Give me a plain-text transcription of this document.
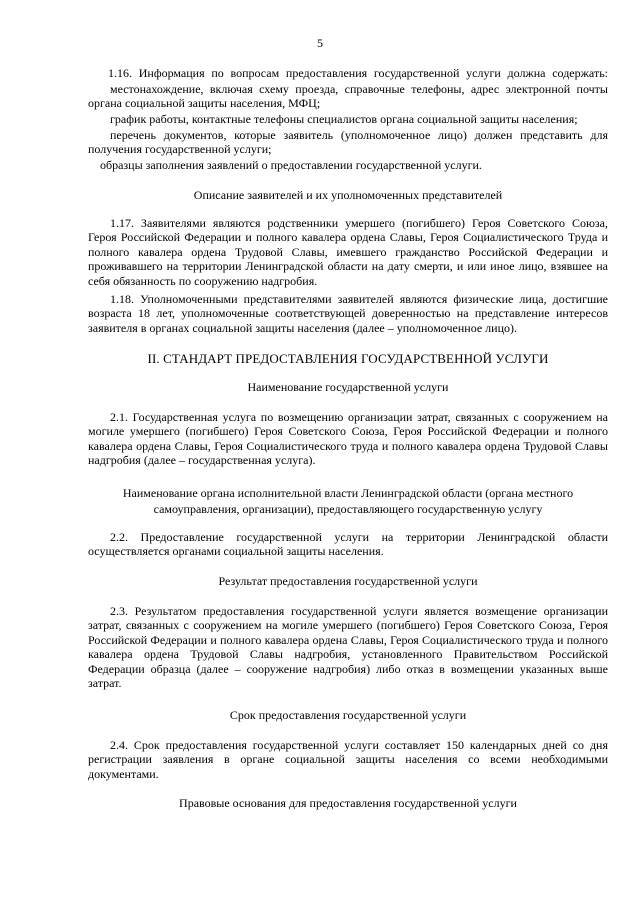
5
1.16. Информация по вопросам предоставления государственной услуги должна содержать:
местонахождение, включая схему проезда, справочные телефоны, адрес электронной почты органа социальной защиты населения, МФЦ;
график работы, контактные телефоны специалистов органа социальной защиты населения;
перечень документов, которые заявитель (уполномоченное лицо) должен представить для получения государственной услуги;
образцы заполнения заявлений о предоставлении государственной услуги.
Описание заявителей и их уполномоченных представителей
1.17. Заявителями являются родственники умершего (погибшего) Героя Советского Союза, Героя Российской Федерации и полного кавалера ордена Славы, Героя Социалистического Труда и полного кавалера ордена Трудовой Славы, имевшего гражданство Российской Федерации и проживавшего на территории Ленинградской области на дату смерти, и или иное лицо, взявшее на себя обязанность по сооружению надгробия.
1.18. Уполномоченными представителями заявителей являются физические лица, достигшие возраста 18 лет, уполномоченные соответствующей доверенностью на представление интересов заявителя в органах социальной защиты населения (далее – уполномоченное лицо).
II. СТАНДАРТ ПРЕДОСТАВЛЕНИЯ ГОСУДАРСТВЕННОЙ УСЛУГИ
Наименование государственной услуги
2.1. Государственная услуга по возмещению организации затрат, связанных с сооружением на могиле умершего (погибшего) Героя Советского Союза, Героя Российской Федерации и полного кавалера ордена Славы, Героя Социалистического труда и полного кавалера ордена Трудовой Славы надгробия (далее – государственная услуга).
Наименование органа исполнительной власти Ленинградской области (органа местного
самоуправления, организации), предоставляющего государственную услугу
2.2. Предоставление государственной услуги на территории Ленинградской области осуществляется органами социальной защиты населения.
Результат предоставления государственной услуги
2.3. Результатом предоставления государственной услуги является возмещение организации затрат, связанных с сооружением на могиле умершего (погибшего) Героя Советского Союза, Героя Российской Федерации и полного кавалера ордена Славы, Героя Социалистического труда и полного кавалера ордена Трудовой Славы надгробия, установленного Правительством Российской Федерации образца (далее – сооружение надгробия) либо отказ в возмещении указанных выше затрат.
Срок предоставления государственной услуги
2.4. Срок предоставления государственной услуги составляет 150 календарных дней со дня регистрации заявления в органе социальной защиты населения со всеми необходимыми документами.
Правовые основания для предоставления государственной услуги
